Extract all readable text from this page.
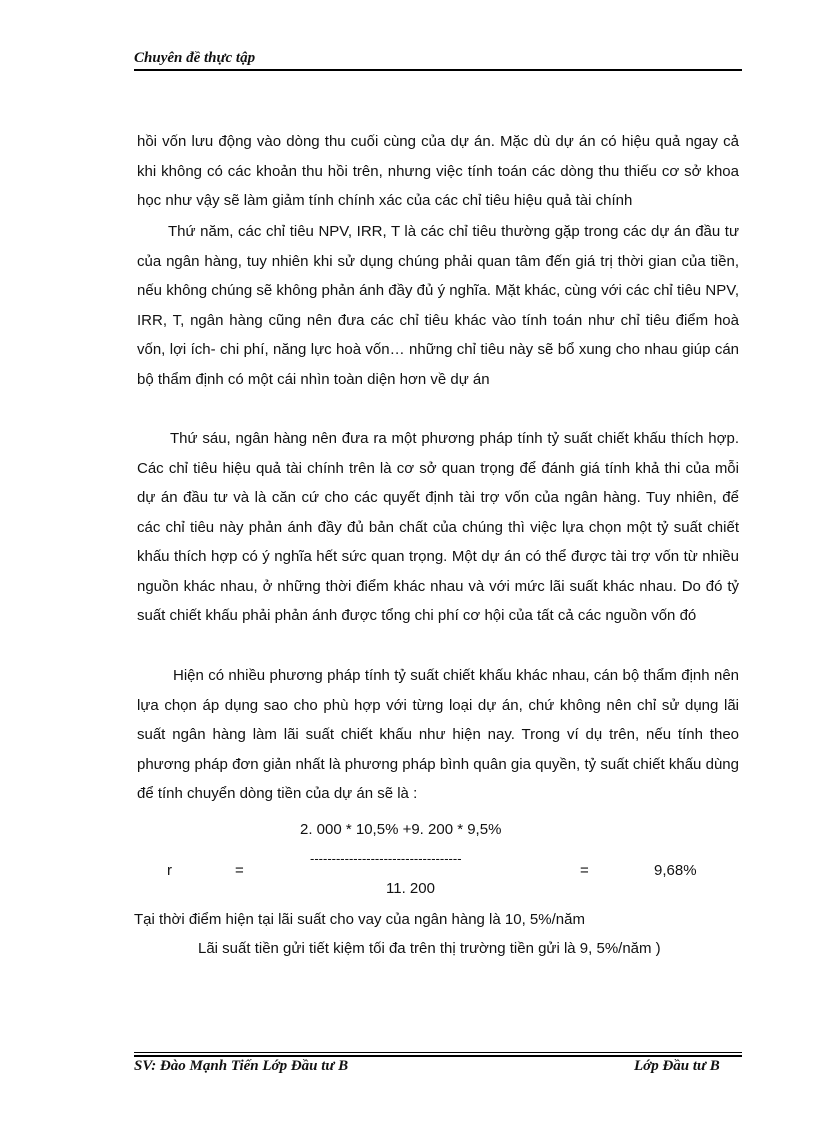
Chuyên đề thực tập

hồi vốn lưu động vào dòng thu cuối cùng của dự án. Mặc dù dự án có hiệu quả ngay cả khi không có các khoản thu hồi trên, nhưng việc tính toán các dòng thu thiếu cơ sở khoa học như vậy sẽ làm giảm tính chính xác của các chỉ tiêu hiệu quả tài chính

Thứ năm, các chỉ tiêu NPV, IRR, T là các chỉ tiêu thường gặp trong các dự án đầu tư của ngân hàng, tuy nhiên khi sử dụng chúng phải quan tâm đến giá trị thời gian của tiền, nếu không chúng sẽ không phản ánh đầy đủ ý nghĩa. Mặt khác, cùng với các chỉ tiêu NPV, IRR, T, ngân hàng cũng nên đưa các chỉ tiêu khác vào tính toán như chỉ tiêu điểm hoà vốn, lợi ích- chi phí, năng lực hoà vốn… những chỉ tiêu này sẽ bổ xung cho nhau giúp cán bộ thẩm định có một cái nhìn toàn diện hơn về dự án

Thứ sáu, ngân hàng nên đưa ra một phương pháp tính tỷ suất chiết khấu thích hợp. Các chỉ tiêu hiệu quả tài chính trên là cơ sở quan trọng để đánh giá tính khả thi của mỗi dự án đầu tư và là căn cứ cho các quyết định tài trợ vốn của ngân hàng. Tuy nhiên, để các chỉ tiêu này phản ánh đầy đủ bản chất của chúng thì việc lựa chọn một tỷ suất chiết khấu thích hợp có ý nghĩa hết sức quan trọng. Một dự án có thể được tài trợ vốn từ nhiều nguồn khác nhau, ở những thời điểm khác nhau và với mức lãi suất khác nhau. Do đó tỷ suất chiết khấu phải phản ánh được tổng chi phí cơ hội của tất cả các nguồn vốn đó

Hiện có nhiều phương pháp tính tỷ suất chiết khấu khác nhau, cán bộ thẩm định nên lựa chọn áp dụng sao cho phù hợp với từng loại dự án, chứ không nên chỉ sử dụng lãi suất ngân hàng làm lãi suất chiết khấu như hiện nay. Trong ví dụ trên, nếu tính theo phương pháp đơn giản nhất là phương pháp bình quân gia quyền, tỷ suất chiết khấu dùng để tính chuyển dòng tiền của dự án sẽ là :

2. 000 * 10,5% +9. 200 * 9,5%
r	=
-----------------------------------
11. 200
=	9,68%
Tại thời điểm hiện tại lãi suất cho vay của ngân hàng là 10, 5%/năm
Lãi suất tiền gửi tiết kiệm tối đa trên thị trường tiền gửi là 9, 5%/năm )
SV: Đào Mạnh Tiến Lớp Đầu tư B	Lớp Đầu tư B
